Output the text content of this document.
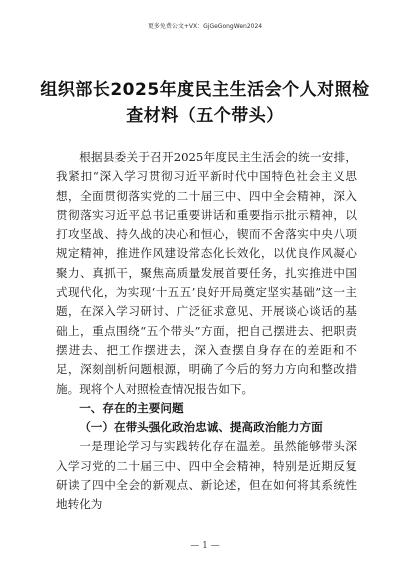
更多免费公文+VX：GjGeGongWen2024
组织部长2025年度民主生活会个人对照检查材料（五个带头）

根据县委关于召开2025年度民主生活会的统一安排，我紧扣“深入学习贯彻习近平新时代中国特色社会主义思想，全面贯彻落实党的二十届三中、四中全会精神，深入贯彻落实习近平总书记重要讲话和重要指示批示精神，以打攻坚战、持久战的决心和恒心，锲而不舍落实中央八项规定精神，推进作风建设常态化长效化，以优良作风凝心聚力、真抓干，聚焦高质量发展首要任务，扎实推进中国式现代化，为实现‘十五五’良好开局奠定坚实基础”这一主题，在深入学习研讨、广泛征求意见、开展谈心谈话的基础上，重点围绕“五个带头”方面，把自己摆进去、把职责摆进去、把工作摆进去，深入查摆自身存在的差距和不足，深刻剖析问题根源，明确了今后的努力方向和整改措施。现将个人对照检查情况报告如下。

一、存在的主要问题
（一）在带头强化政治忠诚、提高政治能力方面

一是理论学习与实践转化存在温差。虽然能够带头深入学习党的二十届三中、四中全会精神，特别是近期反复研读了四中全会的新观点、新论述，但在如何将其系统性地转化为

— 1 —
